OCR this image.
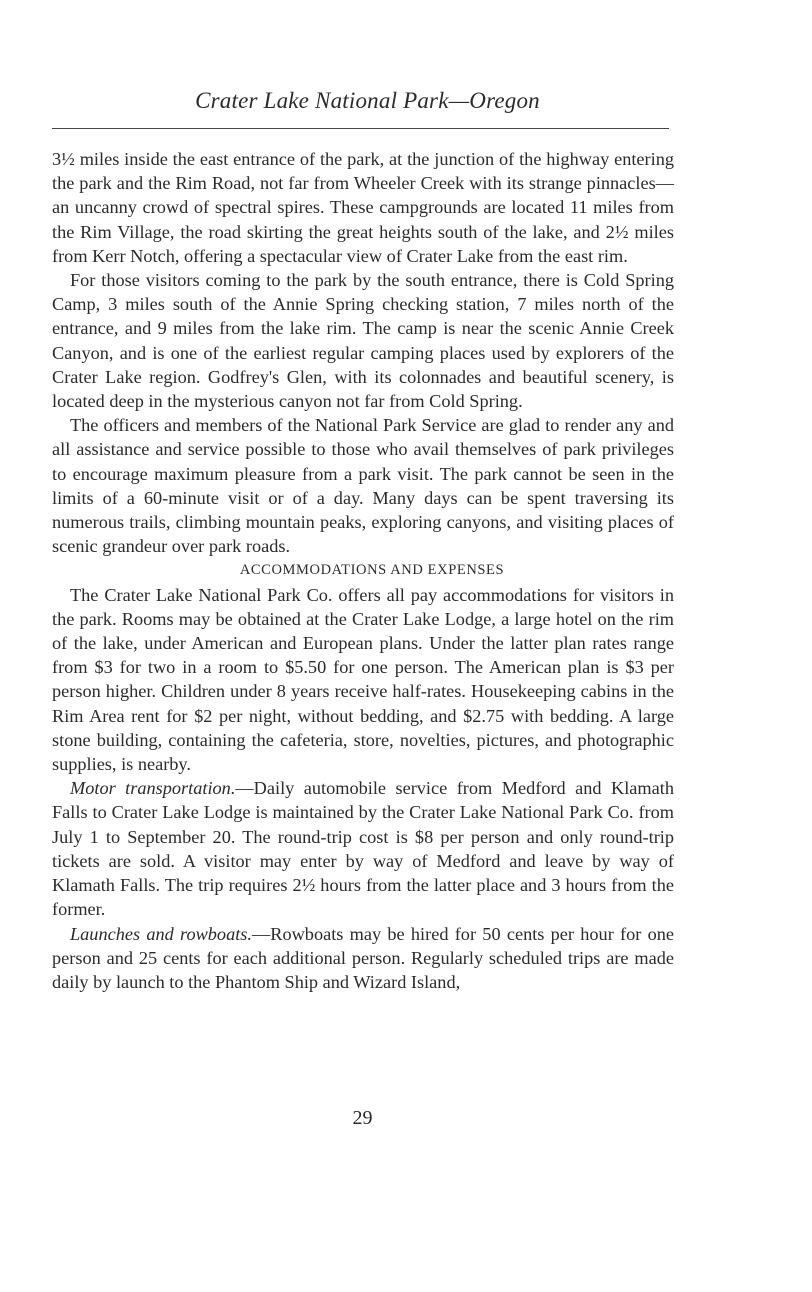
Crater Lake National Park—Oregon

3½ miles inside the east entrance of the park, at the junction of the highway entering the park and the Rim Road, not far from Wheeler Creek with its strange pinnacles—an uncanny crowd of spectral spires. These campgrounds are located 11 miles from the Rim Village, the road skirting the great heights south of the lake, and 2½ miles from Kerr Notch, offering a spectacular view of Crater Lake from the east rim.

For those visitors coming to the park by the south entrance, there is Cold Spring Camp, 3 miles south of the Annie Spring checking station, 7 miles north of the entrance, and 9 miles from the lake rim. The camp is near the scenic Annie Creek Canyon, and is one of the earliest regular camping places used by explorers of the Crater Lake region. Godfrey's Glen, with its colonnades and beautiful scenery, is located deep in the mysterious canyon not far from Cold Spring.

The officers and members of the National Park Service are glad to render any and all assistance and service possible to those who avail themselves of park privileges to encourage maximum pleasure from a park visit. The park cannot be seen in the limits of a 60-minute visit or of a day. Many days can be spent traversing its numerous trails, climbing mountain peaks, exploring canyons, and visiting places of scenic grandeur over park roads.

ACCOMMODATIONS AND EXPENSES

The Crater Lake National Park Co. offers all pay accommodations for visitors in the park. Rooms may be obtained at the Crater Lake Lodge, a large hotel on the rim of the lake, under American and European plans. Under the latter plan rates range from $3 for two in a room to $5.50 for one person. The American plan is $3 per person higher. Children under 8 years receive half-rates. Housekeeping cabins in the Rim Area rent for $2 per night, without bedding, and $2.75 with bedding. A large stone building, containing the cafeteria, store, novelties, pictures, and photographic supplies, is nearby.

Motor transportation.—Daily automobile service from Medford and Klamath Falls to Crater Lake Lodge is maintained by the Crater Lake National Park Co. from July 1 to September 20. The round-trip cost is $8 per person and only round-trip tickets are sold. A visitor may enter by way of Medford and leave by way of Klamath Falls. The trip requires 2½ hours from the latter place and 3 hours from the former.

Launches and rowboats.—Rowboats may be hired for 50 cents per hour for one person and 25 cents for each additional person. Regularly scheduled trips are made daily by launch to the Phantom Ship and Wizard Island,

29
